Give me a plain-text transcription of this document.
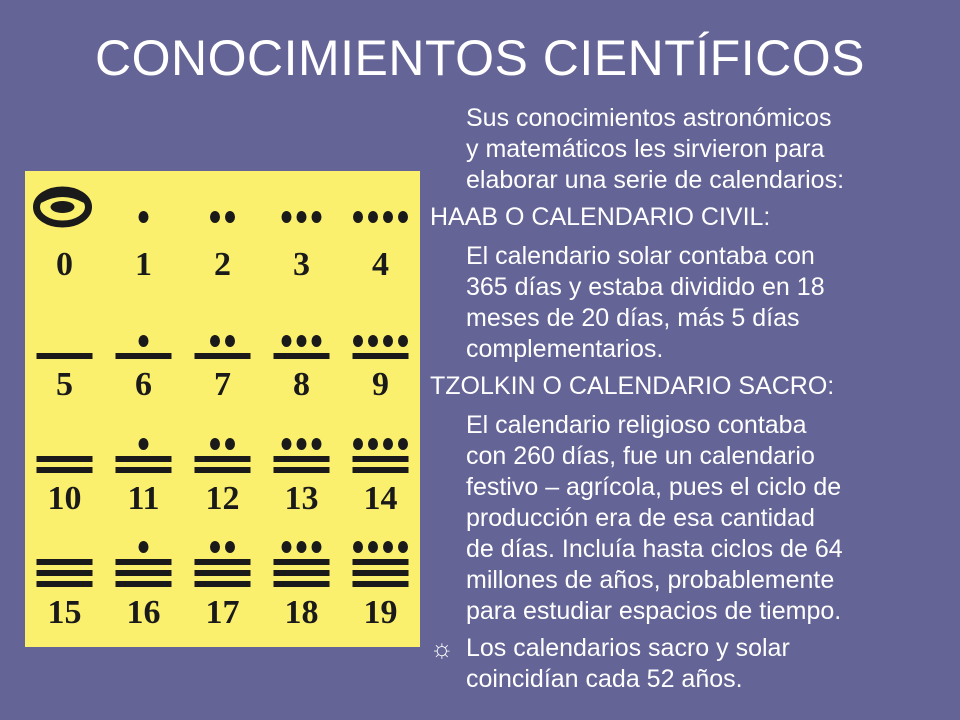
CONOCIMIENTOS CIENTÍFICOS
0 1 2 3 4
5 6 7 8 9
10 11 12 13 14
15 16 17 18 19
Sus conocimientos astronómicos
y matemáticos les sirvieron para
elaborar una serie de calendarios:
HAAB O CALENDARIO CIVIL:
El calendario solar contaba con
365 días y estaba dividido en 18
meses de 20 días, más 5 días
complementarios.
TZOLKIN O CALENDARIO SACRO:
El calendario religioso contaba
con 260 días, fue un calendario
festivo – agrícola, pues el ciclo de
producción era de esa cantidad
de días. Incluía hasta ciclos de 64
millones de años, probablemente
para estudiar espacios de tiempo.
☼ Los calendarios sacro y solar
coincidían cada 52 años.
